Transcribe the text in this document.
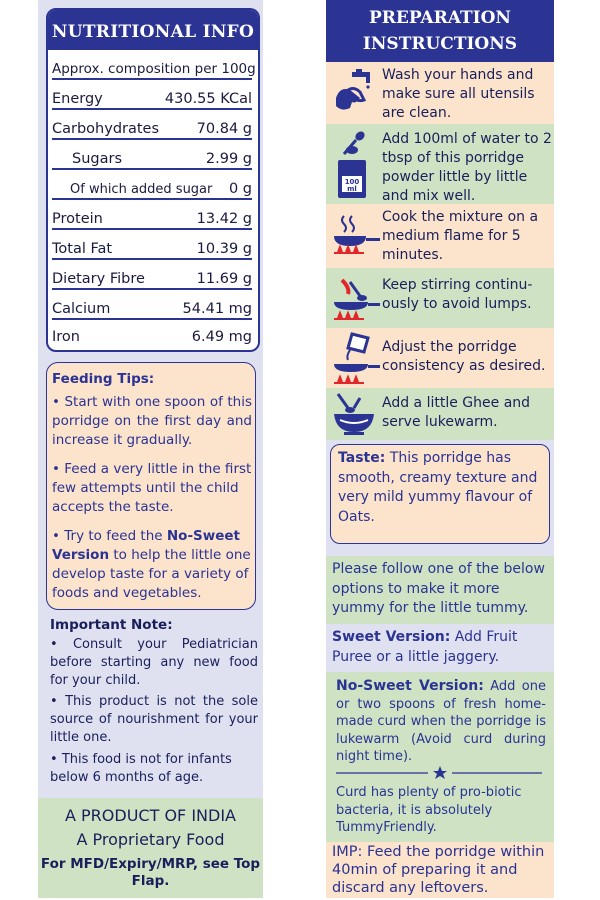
NUTRITIONAL INFO
Approx. composition per 100g
Energy	430.55 KCal
Carbohydrates	70.84 g
Sugars	2.99 g
Of which added sugar 0 g
Protein	13.42 g
Total Fat	10.39 g
Dietary Fibre	11.69 g
Calcium	54.41 mg
Iron	6.49 mg
Feeding Tips:
• Start with one spoon of this porridge on the first day and increase it gradually.
• Feed a very little in the first few attempts until the child accepts the taste.
• Try to feed the No-Sweet Version to help the little one develop taste for a variety of foods and vegetables.
Important Note:
• Consult your Pediatrician before starting any new food for your child.
• This product is not the sole source of nourishment for your little one.
• This food is not for infants below 6 months of age.
A PRODUCT OF INDIA
A Proprietary Food
For MFD/Expiry/MRP, see Top Flap.
PREPARATION
INSTRUCTIONS
Wash your hands and make sure all utensils are clean.
100
ml
Add 100ml of water to 2 tbsp of this porridge powder little by little and mix well.
Cook the mixture on a medium flame for 5 minutes.
Keep stirring continu-ously to avoid lumps.
Adjust the porridge consistency as desired.
Add a little Ghee and serve lukewarm.
Taste: This porridge has smooth, creamy texture and very mild yummy flavour of Oats.
Please follow one of the below options to make it more yummy for the little tummy.
Sweet Version: Add Fruit Puree or a little jaggery.
No-Sweet Version: Add one or two spoons of fresh home-made curd when the porridge is lukewarm (Avoid curd during night time).
Curd has plenty of pro-biotic bacteria, it is absolutely TummyFriendly.
IMP: Feed the porridge within 40min of preparing it and discard any leftovers.
